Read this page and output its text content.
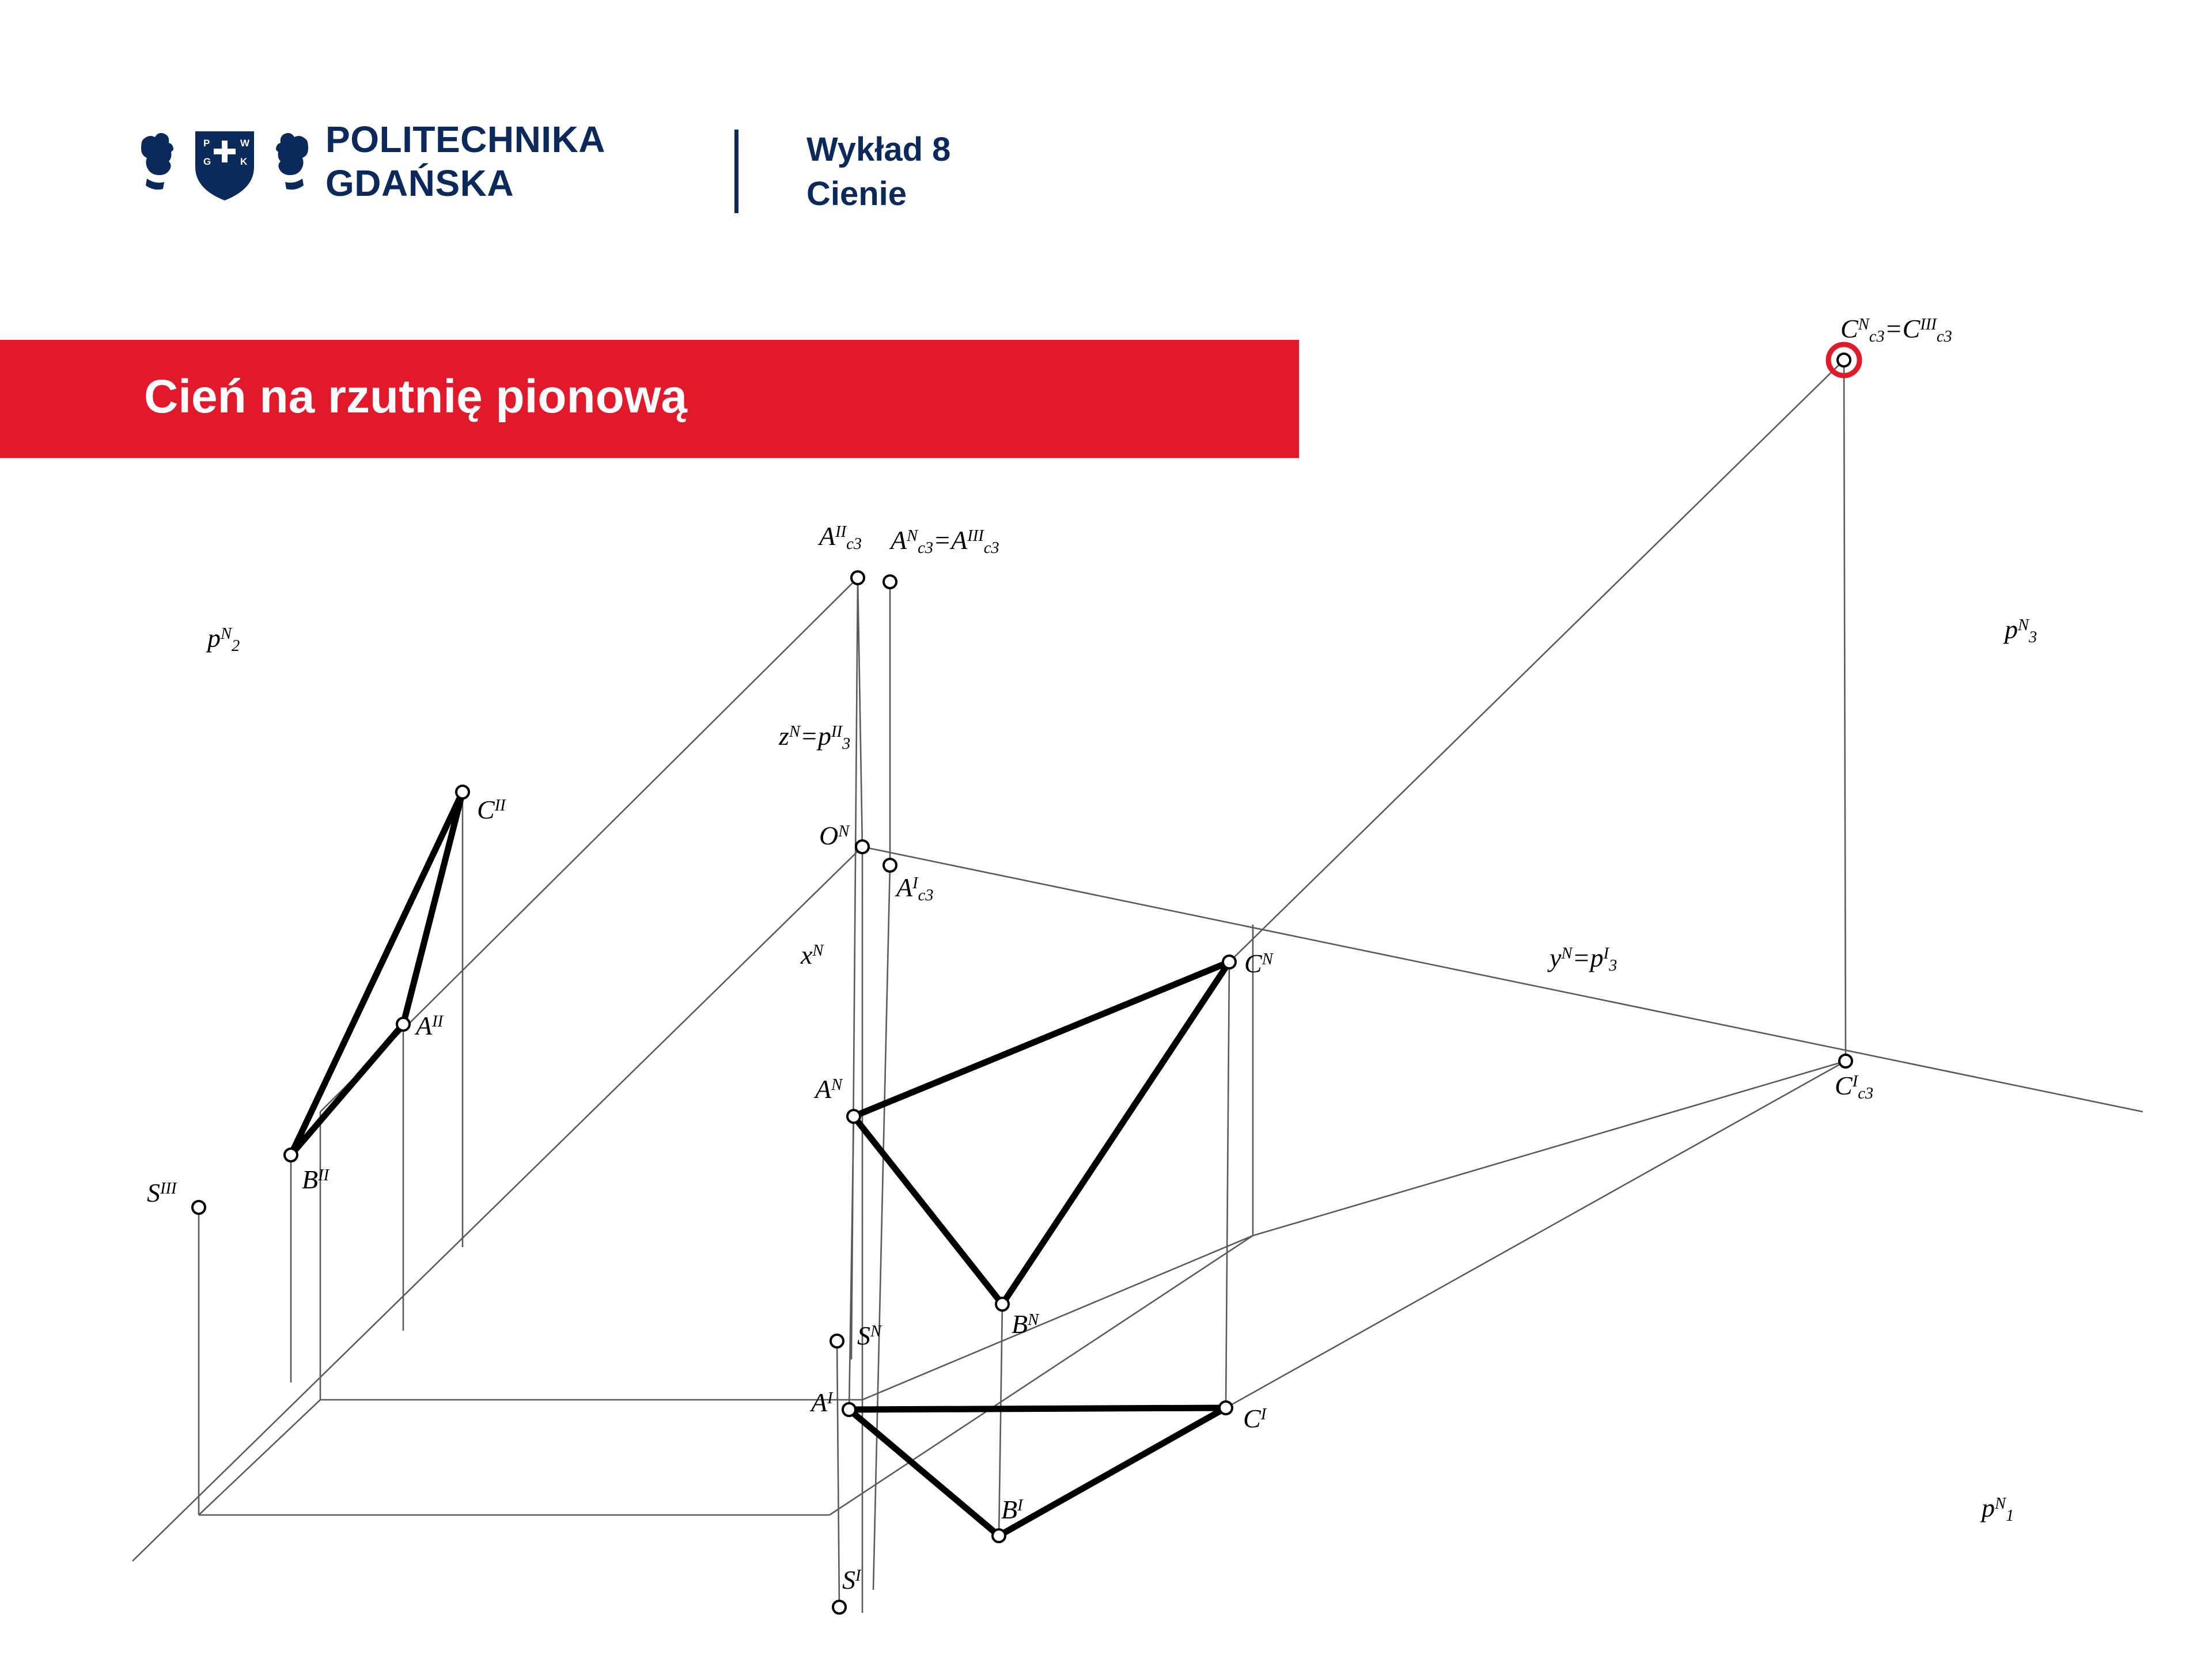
P	W
G	K
POLITECHNIKA
GDAŃSKA
Wykład 8
Cienie
Cień na rzutnię pionową
$p^N_2$
$p^N_3$
$p^N_1$
$C^N_{c3}=C^{III}_{c3}$
$A^{II}_{c3}$ $A^N_{c3}=A^{III}_{c3}$
$z^N=p^{II}_3$
$O^N$
$A^I_{c3}$
$x^N$	$y^N=p^I_3$
$C^{II}$
$A^{II}$
$B^{II}$
$S^{III}$
$C^N$
$A^N$
$B^N$
$S^N$
$C^I_{c3}$
$A^I$
$C^I$
$B^I$
$S^I$
